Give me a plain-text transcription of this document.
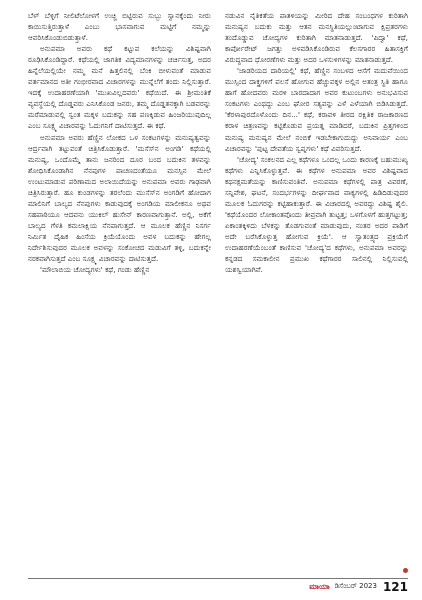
ಬೆಳ್ ಬೆಳ್ಳಿಗೆ ನೀಲಿಟೆಲೋಳಗೆ ಉಚ್ಚಿ ಬಿಟ್ಟಿರುವ ಸುಬ್ಬು ಸ್ವಾನಕ್ಕೆಂದು ನೀರು ಕಾಯಿಸುತ್ತಿರುತ್ತಾಳೆ ಎಂಬು ಭಾಸವಾಗುವ ಮಟ್ಟಿಗೆ ನಮ್ಮನ್ನು ಆವರಿಸಿಕೊಂಡುಬಿಡುತ್ತಾಳೆ.

ಅನುಪಮಾ ಅವರು ಕಥೆ ಕಟ್ಟುವ ಕಲೆಯನ್ನು ವಿಶಿಷ್ಟವಾಗಿ ರೂಢಿಸಿಕೊಂಡಿದ್ದಾರೆ. ಕಥೆಯಲ್ಲಿ ಜಾಗತಿಕ ವಿದ್ಯಮಾನಗಳನ್ನು ಚರ್ಚಿಸುತ್ತ, ಅದರ ಹಿನ್ನೆಲೆಯಲ್ಲಿಯೇ ನಮ್ಮ ಮನೆ ಹಿತ್ತಲಿನಲ್ಲಿ ಬೆಂಕಿ ಬೀಳುವಂತೆ ಮಾಡುವ ವರ್ತಮಾನದ ಅತೀ ಗಂಭೀರವಾದ ವಿಚಾರಗಳನ್ನು ಮುನ್ನೆಲೆಗೆ ತಂದು ನಿಲ್ಲಿಸುತ್ತಾರೆ. ಇದಕ್ಕೆ ಉದಾಹರಣೆಯಾಗಿ 'ಮುಖವಿಲ್ಲದವರು' ಕಥೆಯಿದೆ. ಈ ಶ್ರೀಮಂತಿಕೆ ವ್ಯವಸ್ಥೆಯಲ್ಲಿ ದೊಡ್ಡವರು ಎನಿಸಿಕೊಂಡ ಜನರು, ತಮ್ಮ ದೊಡ್ಡತನಕ್ಕಾಗಿ ಬಡವರನ್ನು ಮರೆಮಾಡುವಲ್ಲಿ ಸ್ವಂತ ಮಕ್ಕಳ ಬದುಕನ್ನು ಸಹ ಪಣಕ್ಕಿಡುವ ಹಿಂಜರಿಯುವುದಿಲ್ಲ ಎಂಬ ಸೂಕ್ಷ್ಮ ವಿಚಾರವನ್ನು ಓದುಗನಿಗೆ ದಾಟಿಸುತ್ತದೆ. ಈ ಕಥೆ.

ಅನುಪಮಾ ಅವರು ಹೆಣ್ಣಿನ ಲೋಕದ ಒಳ ಸಂಕಟಗಳನ್ನು ಮನುಷ್ಯತ್ವವನ್ನು ಆರ್ದ್ರವಾಗಿ ತಟ್ಟುವಂತೆ ಚಿತ್ರಿಸಿಕೊಡುತ್ತಾರೆ. 'ಮಸೆಸ್‌ನ ಅಂಗಡಿ' ಕಥೆಯಲ್ಲಿ ಮನುಷ್ಯ, ಒಂದೊಮ್ಮೆ ತಾನು ಜನರಿಂದ ದೂರ ಬಂದ ಬದುಕಿನ ತಳವನ್ನು ಶೋಧಿಸಿಕೊಂಡಾಗಿನ ನೆನಪುಗಳ ಪಾಚಣದಂತೆಯೂ ಮನಸ್ಸಿನ ಮೇಲೆ ಉಂಟುಮಾಡುವ ಪರಿಣಾಮದ ಅಲಾಯಿದೆಯನ್ನು ಅನುಪಮಾ ಅವರು ಗಾಢವಾಗಿ ಚಿತ್ರಿಸಿರುತ್ತಾರೆ. ಹೂ ಕುಂಡಗಳನ್ನು ತರಲೆಂದು ಮುಸೆಸ್‌ನ ಅಂಗಡಿಗೆ ಹೋದಾಗ ಮಾಲಿನಿಗೆ ಬಾಲ್ಯದ ನೆನಪುಗಳು ಕಾಡುವುದಕ್ಕೆ ಅಂಗಡಿಯ ಮಾಲೀಕನೂ ಅಥವ ಸಹಪಾಠಿಯೂ ಆದವನು ಯುಕಿಲ್ ಹುಸೇನ್ ಕಾರಣವಾಗುತ್ತಾನೆ. ಅಲ್ಲಿ, ಅಕೆಗೆ ಬಾಲ್ಯದ ಗೆಳತಿ ಕಮಲಾಕ್ಷಿಯ ನೆನಪಾಗುತ್ತದೆ. ಆ ಮೂಲಕ ಹೆಣ್ಣಿನ ನಿಸರ್ಗ ನಿರ್ಮಿತ ದೈಹಿಕ ಹಿಂಸೆಯ ಕ್ರಿಯೆಯೊಂದು ಅವಳ ಬದುಕನ್ನು ಹೇಗಲ್ಲ ನಿರ್ದೇಶಿಸುವುದರ ಮೂಲಕ ಅವಳನ್ನು ಸಂಕೋಚದ ಮಡುವಿಗೆ ತಳ್ಳಿ, ಬದುಕನ್ನೇ ನರಕವಾಗಿಸುತ್ತದೆ ಎಂಬ ಸೂಕ್ಷ್ಮ ವಿಚಾರವನ್ನು ದಾಟಿಸುತ್ತದೆ.

'ಮೌಲಾಬಿಯ ಚೋದ್ಯಗಳು' ಕಥೆ, ಗಂಡು ಹೆಣ್ಣಿನ

ನಡುವಿನ ನೈತಿಕತೆಯ ಪಾತಳಿಯನ್ನು ಮೀರಿದ ದೇಹ ಸಂಬಂಧಗಳ ಕುರಿತಾಗಿ ಮನುಷ್ಯನ ಬದುಕು ಮತ್ತು ಆತನ ಮನಸ್ಥಿತಿಯಲ್ಲುಂಟಾಗುವ ಕ್ಷಿಪ್ರತರಗಳು ತಂದೊಡ್ಡುವ ಚೋದ್ಯಗಳ ಕುರಿತಾಗಿ ಮಾತನಾಡುತ್ತದೆ. 'ಪಿದ್ವಾ' ಕಥೆ, ಕಾರ್ಪೋರೇಟ್ ಜಗತ್ತು ಅಳವಡಿಸಿಕೊಂಡಿರುವ ಕೆಲಸಗಾರರ ಹಿತಾಸಕ್ತಿಗೆ ವಿರುದ್ಧವಾದ ಧೋರಣೆಗಳು ಮತ್ತು ಅದರ ಒಳಸುಳಿಗಳನ್ನು ಮಾತನಾಡುತ್ತದೆ.

'ಜಾಡರಿಯದ ದಾರಿಯಲ್ಲಿ' ಕಥೆ, ಹೆಣ್ಣಿನ ಸಂಬಳದ ಆಸೆಗೆ ಮದುವೆಯಿಂದ ಮುಸ್ಸಿಂದ ದಾಕ್ತ್ರಗಳಿಗೆ ಪಲಸೆ ಹೋಗುವ ಹೆಚ್ಚುವಕ್ಕಳ ಅಲ್ಲಿನ ಅತಂತ್ರ ಸ್ಥಿತಿ ಹಾಗೂ ಹಾಗೆ ಹೋದವರು ಮರಳಿ ಬಾರದಾದಾಗ ಅವರ ಕುಟುಂಬಗಳು ಅನುಭವಿಸುವ ಸಂಕಟಗಳು ಎಂಥದ್ದು ಎಂಬ ಘೋರ ಸತ್ಯವನ್ನು ಎಳೆ ಎಳೆಯಾಗಿ ಬಿಡಿಸಿಡುತ್ತದೆ. 'ಕೆರಳಾಪುರದೊಳೊಂದು ದಿನ...' ಕಥೆ, ಕರಾವಳಿ ತೀರದ ರಕ್ಷಿತಿಕ ರಾಜಕಾರಣದ ಕರಾಳ ಚಿತ್ರಣವನ್ನು ಕಟ್ಟಿಕೊಡುವ ಪ್ರಯತ್ನ ಮಾಡಿದರೆ, ಬದುಕಿನ ಪ್ರಿತ್ತಗಳಿಂದ ಮನುಷ್ಯ ಮನುಷ್ಯನ ಮೇಲೆ ನಂಬಿಕೆ ಇಡಬೇಕಾಗುದುದ್ದು ಅನಿವಾರ್ಯ ಎಂಬ ವಿಚಾರವನ್ನು 'ಪುಟ್ಟ ದೇವತೆಯ ಸ್ವಪ್ನಗಳು' ಕಥೆ ವಿವರಿಸುತ್ತದೆ.

'ಚೋದ್ಯ' ಸಂಕಲನದ ಎಲ್ಲ ಕಥೆಗಳೂ ಒಂದಲ್ಲ ಒಂದು ಕಾರಣಕ್ಕೆ ಬಹುಮುಖ್ಯ ಕಥೆಗಳು ಎನ್ನಿಸಿಕೊಳ್ಳುತ್ತವೆ. ಈ ಕಥೆಗಳ ಅನುಪಮಾ ಅವರ ವಿಶಿಷ್ಟವಾದ ಕಥನಕ್ಷಮತೆಯನ್ನು ಕಾಣಿಸುವಂತಿವೆ. ಅನುಪಮಾ ಕಥೆಗಳಲ್ಲಿ ಪಾತ್ರ ವಿವರಣೆ, ಸನ್ನಿವೇಶ, ಘಟನೆ, ಸಂದರ್ಭಗಳನ್ನು ದೀರ್ಘವಾದ ವಾಕ್ಯಗಳಲ್ಲಿ ಹಿಡಿದಿಡುವುದರ ಮೂಲಕ ಓದುಗರನ್ನು ಕಟ್ಟಿಹಾಕುತ್ತಾರೆ. ಈ ವಿಚಾರದಲ್ಲಿ ಅವರದ್ದು ವಿಶಿಷ್ಟ ಶೈಲಿ. 'ಕಥೆಯೊಂದರ ಲೋಕಾಂತವೊಂದು ತೀವ್ರವಾಗಿ ತುಟ್ಟತ್ತ; ಒಳಗೊಳಗೆ ಹುತ್ತಗಟ್ಟುತ್ತ; ಏಕಾಂತಕ್ಕಿಳಿದು ಬೆಳಕನ್ನು ತೊಡಗುವಂತೆ ಮಾಡುವುದು, ನಂತರ ಅದರ ಪಾಡಿಗೆ ಅದೇ ಬರೆಸಿಕೊಳ್ಳುತ್ತ ಹೋಗುವ ಕ್ರಿಯೆ'. ಆ ಸ್ವಾತಂತ್ರ್ಯದ ಪ್ರಕ್ರಿಯೆಗೆ ಉದಾಹರಣೆಯೆಂಬಂತೆ ಕಾಣಿಸುವ 'ಚೋದ್ಯ'ದ ಕಥೆಗಳು, ಅನುಪಮಾ ಅವರನ್ನು ಕನ್ನಡದ ಸಮಕಾಲೀನ ಪ್ರಮುಖ ಕಥೆಗಾರರ ಸಾಲಿನಲ್ಲಿ ನಿಲ್ಲಿಸುವಲ್ಲಿ ಯಶಸ್ವಿಯಾಗಿವೆ.

ಮಾಯಾ ಡಿಸೆಂಬರ್ 2023 121
